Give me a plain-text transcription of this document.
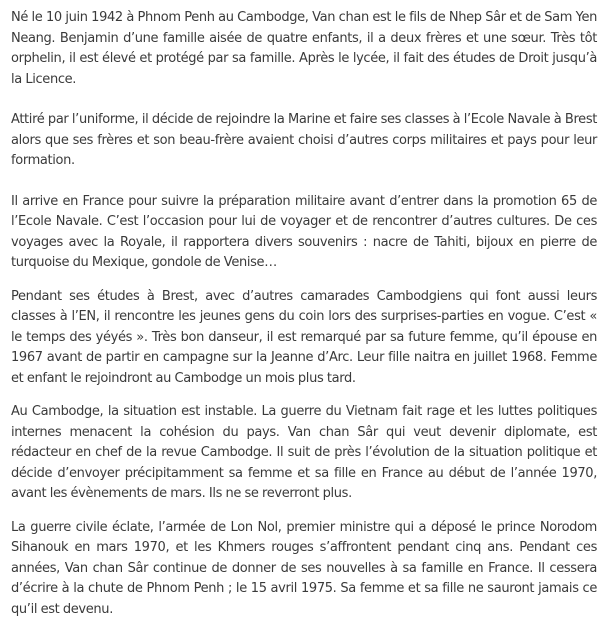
Né le 10 juin 1942 à Phnom Penh au Cambodge, Van chan est le fils de Nhep Sâr et de Sam Yen Neang. Benjamin d’une famille aisée de quatre enfants, il a deux frères et une sœur. Très tôt orphelin, il est élevé et protégé par sa famille. Après le lycée, il fait des études de Droit jusqu’à la Licence.

Attiré par l’uniforme, il décide de rejoindre la Marine et faire ses classes à l’Ecole Navale à Brest alors que ses frères et son beau-frère avaient choisi d’autres corps militaires et pays pour leur formation.

Il arrive en France pour suivre la préparation militaire avant d’entrer dans la promotion 65 de l’Ecole Navale. C’est l’occasion pour lui de voyager et de rencontrer d’autres cultures. De ces voyages avec la Royale, il rapportera divers souvenirs : nacre de Tahiti, bijoux en pierre de turquoise du Mexique, gondole de Venise…

Pendant ses études à Brest, avec d’autres camarades Cambodgiens qui font aussi leurs classes à l’EN, il rencontre les jeunes gens du coin lors des surprises-parties en vogue. C’est « le temps des yéyés ». Très bon danseur, il est remarqué par sa future femme, qu’il épouse en 1967 avant de partir en campagne sur la Jeanne d’Arc. Leur fille naitra en juillet 1968. Femme et enfant le rejoindront au Cambodge un mois plus tard.

Au Cambodge, la situation est instable. La guerre du Vietnam fait rage et les luttes politiques internes menacent la cohésion du pays. Van chan Sâr qui veut devenir diplomate, est rédacteur en chef de la revue Cambodge. Il suit de près l’évolution de la situation politique et décide d’envoyer précipitamment sa femme et sa fille en France au début de l’année 1970, avant les évènements de mars. Ils ne se reverront plus.

La guerre civile éclate, l’armée de Lon Nol, premier ministre qui a déposé le prince Norodom Sihanouk en mars 1970, et les Khmers rouges s’affrontent pendant cinq ans. Pendant ces années, Van chan Sâr continue de donner de ses nouvelles à sa famille en France. Il cessera d’écrire à la chute de Phnom Penh ; le 15 avril 1975. Sa femme et sa fille ne sauront jamais ce qu’il est devenu.
